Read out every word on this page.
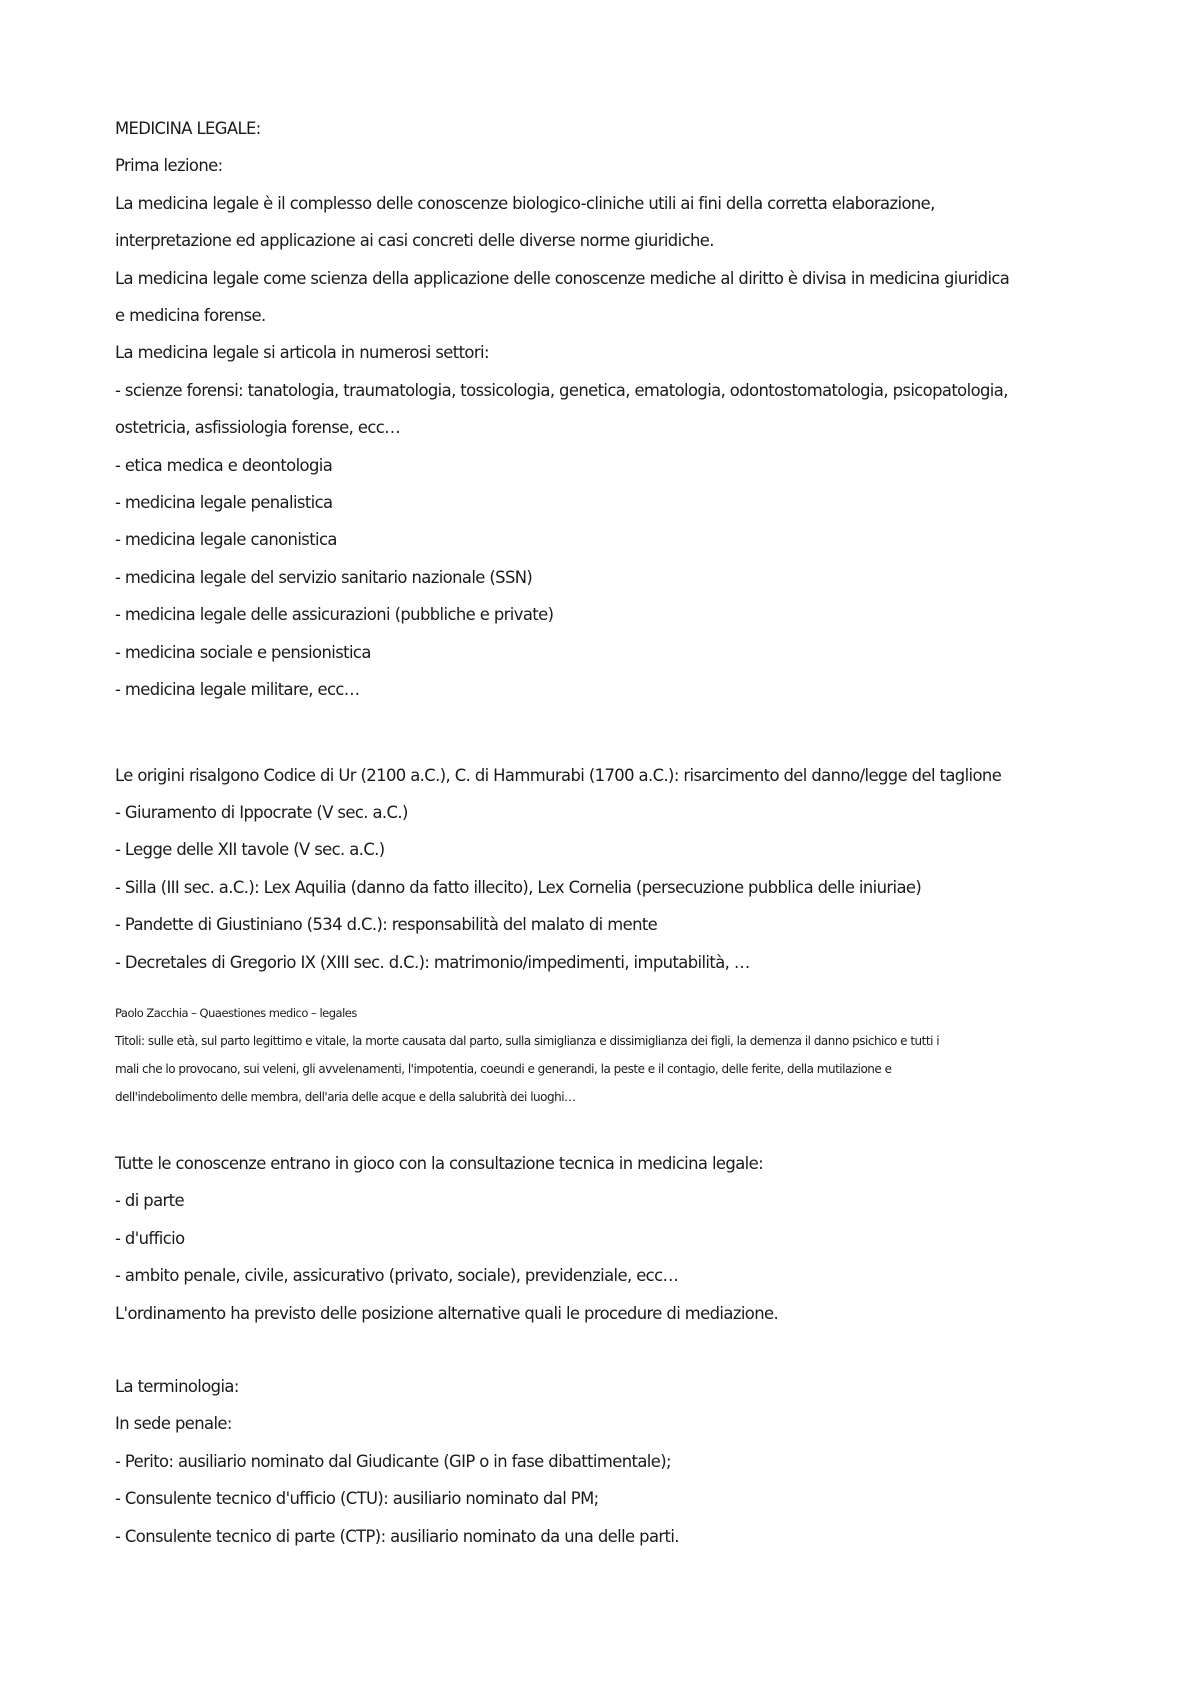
MEDICINA LEGALE:

Prima lezione:

La medicina legale è il complesso delle conoscenze biologico-cliniche utili ai fini della corretta elaborazione,

interpretazione ed applicazione ai casi concreti delle diverse norme giuridiche.

La medicina legale come scienza della applicazione delle conoscenze mediche al diritto è divisa in medicina giuridica

e medicina forense.

La medicina legale si articola in numerosi settori:

- scienze forensi: tanatologia, traumatologia, tossicologia, genetica, ematologia, odontostomatologia, psicopatologia,

ostetricia, asfissiologia forense, ecc…

- etica medica e deontologia

- medicina legale penalistica

- medicina legale canonistica

- medicina legale del servizio sanitario nazionale (SSN)

- medicina legale delle assicurazioni (pubbliche e private)

- medicina sociale e pensionistica

- medicina legale militare, ecc…

Le origini risalgono Codice di Ur (2100 a.C.), C. di Hammurabi (1700 a.C.): risarcimento del danno/legge del taglione

- Giuramento di Ippocrate (V sec. a.C.)

- Legge delle XII tavole (V sec. a.C.)

- Silla (III sec. a.C.): Lex Aquilia (danno da fatto illecito), Lex Cornelia (persecuzione pubblica delle iniuriae)

- Pandette di Giustiniano (534 d.C.): responsabilità del malato di mente

- Decretales di Gregorio IX (XIII sec. d.C.): matrimonio/impedimenti, imputabilità, …

Paolo Zacchia – Quaestiones medico – legales

Titoli: sulle età, sul parto legittimo e vitale, la morte causata dal parto, sulla simiglianza e dissimiglianza dei figli, la demenza il danno psichico e tutti i

mali che lo provocano, sui veleni, gli avvelenamenti, l'impotentia, coeundi e generandi, la peste e il contagio, delle ferite, della mutilazione e

dell'indebolimento delle membra, dell'aria delle acque e della salubrità dei luoghi…

Tutte le conoscenze entrano in gioco con la consultazione tecnica in medicina legale:

- di parte

- d'ufficio

- ambito penale, civile, assicurativo (privato, sociale), previdenziale, ecc…

L'ordinamento ha previsto delle posizione alternative quali le procedure di mediazione.

La terminologia:

In sede penale:

- Perito: ausiliario nominato dal Giudicante (GIP o in fase dibattimentale);

- Consulente tecnico d'ufficio (CTU): ausiliario nominato dal PM;

- Consulente tecnico di parte (CTP): ausiliario nominato da una delle parti.
